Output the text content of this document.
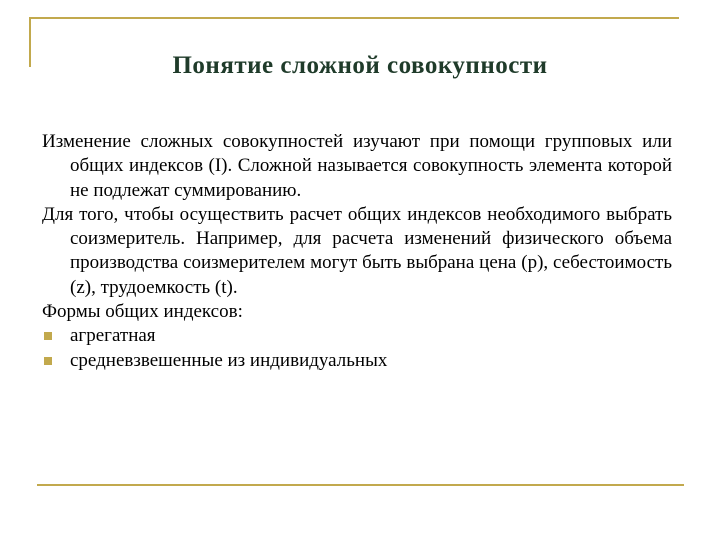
Понятие сложной совокупности

Изменение сложных совокупностей изучают при помощи групповых или общих индексов (I). Сложной называется совокупность элемента которой не подлежат суммированию.

Для того, чтобы осуществить расчет общих индексов необходимого выбрать соизмеритель. Например, для расчета изменений физического объема производства соизмерителем могут быть выбрана цена (p), себестоимость (z), трудоемкость (t).

Формы общих индексов:

агрегатная
средневзвешенные из индивидуальных
